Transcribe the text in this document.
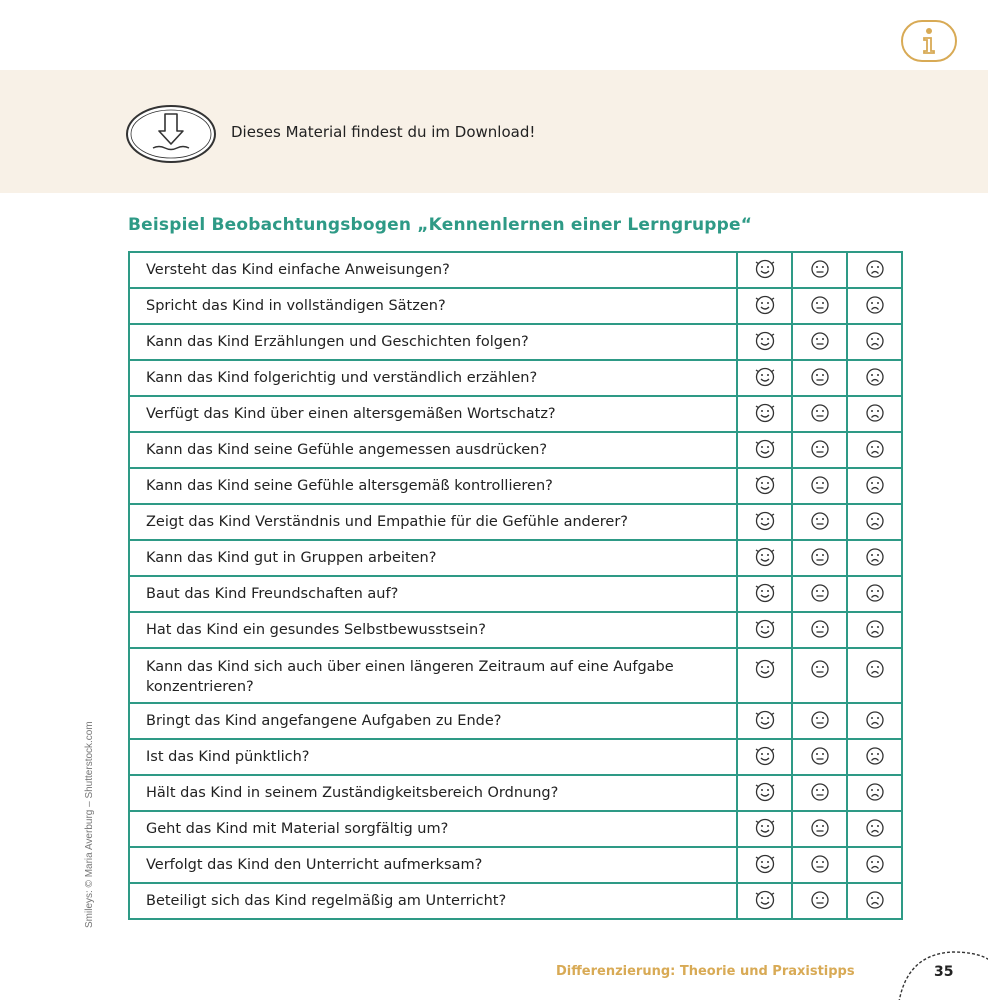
Dieses Material findest du im Download!
Beispiel Beobachtungsbogen „Kennenlernen einer Lerngruppe“
Versteht das Kind einfache Anweisungen?	

Spricht das Kind in vollständigen Sätzen?	

Kann das Kind Erzählungen und Geschichten folgen?	

Kann das Kind folgerichtig und verständlich erzählen?	

Verfügt das Kind über einen altersgemäßen Wortschatz?	

Kann das Kind seine Gefühle angemessen ausdrücken?	

Kann das Kind seine Gefühle altersgemäß kontrollieren?	

Zeigt das Kind Verständnis und Empathie für die Gefühle anderer?	

Kann das Kind gut in Gruppen arbeiten?	

Baut das Kind Freundschaften auf?	

Hat das Kind ein gesundes Selbstbewusstsein?	

Kann das Kind sich auch über einen längeren Zeitraum auf eine Aufgabe konzentrieren?	

Bringt das Kind angefangene Aufgaben zu Ende?	

Ist das Kind pünktlich?	

Hält das Kind in seinem Zuständigkeitsbereich Ordnung?	

Geht das Kind mit Material sorgfältig um?	

Verfolgt das Kind den Unterricht aufmerksam?	

Beteiligt sich das Kind regelmäßig am Unterricht?	

Smileys: © Maria Averburg – Shutterstock.com
Differenzierung: Theorie und Praxistipps	35
